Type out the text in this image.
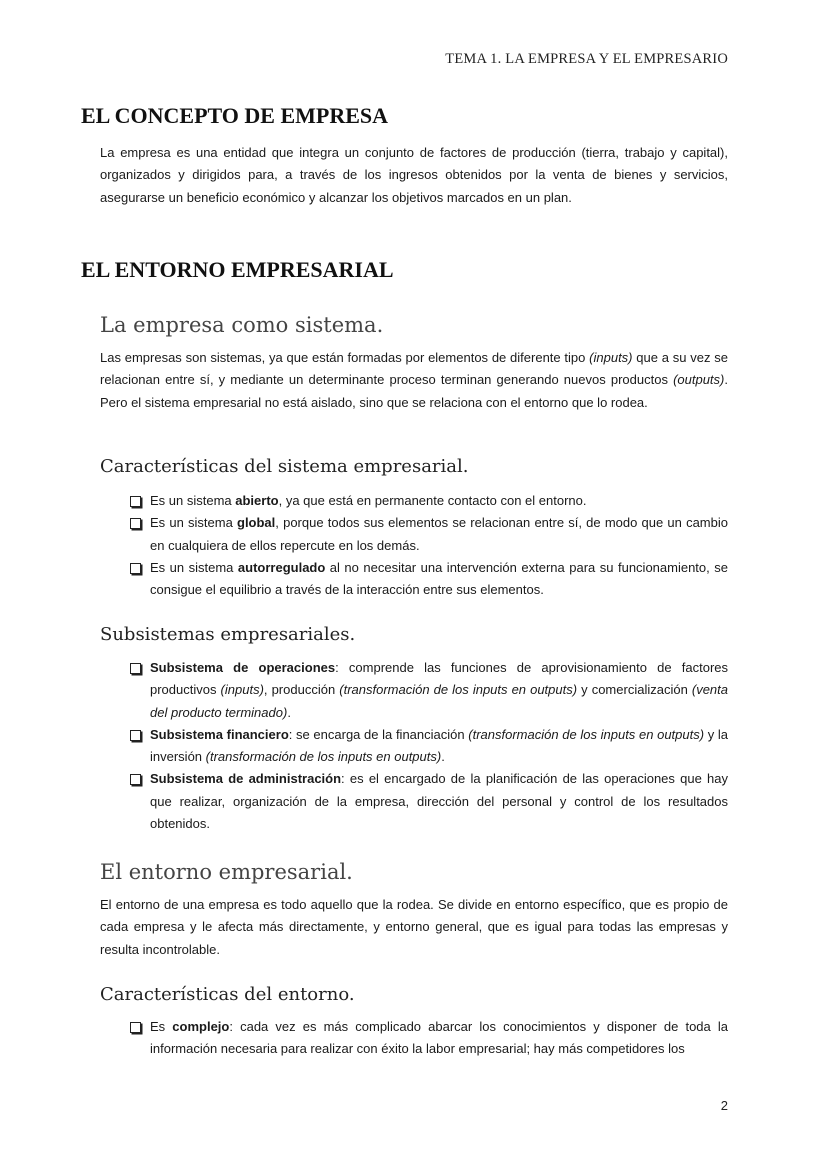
TEMA 1. LA EMPRESA Y EL EMPRESARIO
EL CONCEPTO DE EMPRESA

La empresa es una entidad que integra un conjunto de factores de producción (tierra, trabajo y capital), organizados y dirigidos para, a través de los ingresos obtenidos por la venta de bienes y servicios, asegurarse un beneficio económico y alcanzar los objetivos marcados en un plan.

EL ENTORNO EMPRESARIAL
La empresa como sistema.

Las empresas son sistemas, ya que están formadas por elementos de diferente tipo (inputs) que a su vez se relacionan entre sí, y mediante un determinante proceso terminan generando nuevos productos (outputs). Pero el sistema empresarial no está aislado, sino que se relaciona con el entorno que lo rodea.

Características del sistema empresarial.
Es un sistema abierto, ya que está en permanente contacto con el entorno.
Es un sistema global, porque todos sus elementos se relacionan entre sí, de modo que un cambio en cualquiera de ellos repercute en los demás.
Es un sistema autorregulado al no necesitar una intervención externa para su funcionamiento, se consigue el equilibrio a través de la interacción entre sus elementos.
Subsistemas empresariales.
Subsistema de operaciones: comprende las funciones de aprovisionamiento de factores productivos (inputs), producción (transformación de los inputs en outputs) y comercialización (venta del producto terminado).
Subsistema financiero: se encarga de la financiación (transformación de los inputs en outputs) y la inversión (transformación de los inputs en outputs).
Subsistema de administración: es el encargado de la planificación de las operaciones que hay que realizar, organización de la empresa, dirección del personal y control de los resultados obtenidos.
El entorno empresarial.

El entorno de una empresa es todo aquello que la rodea. Se divide en entorno específico, que es propio de cada empresa y le afecta más directamente, y entorno general, que es igual para todas las empresas y resulta incontrolable.

Características del entorno.
Es complejo: cada vez es más complicado abarcar los conocimientos y disponer de toda la información necesaria para realizar con éxito la labor empresarial; hay más competidores los
2
